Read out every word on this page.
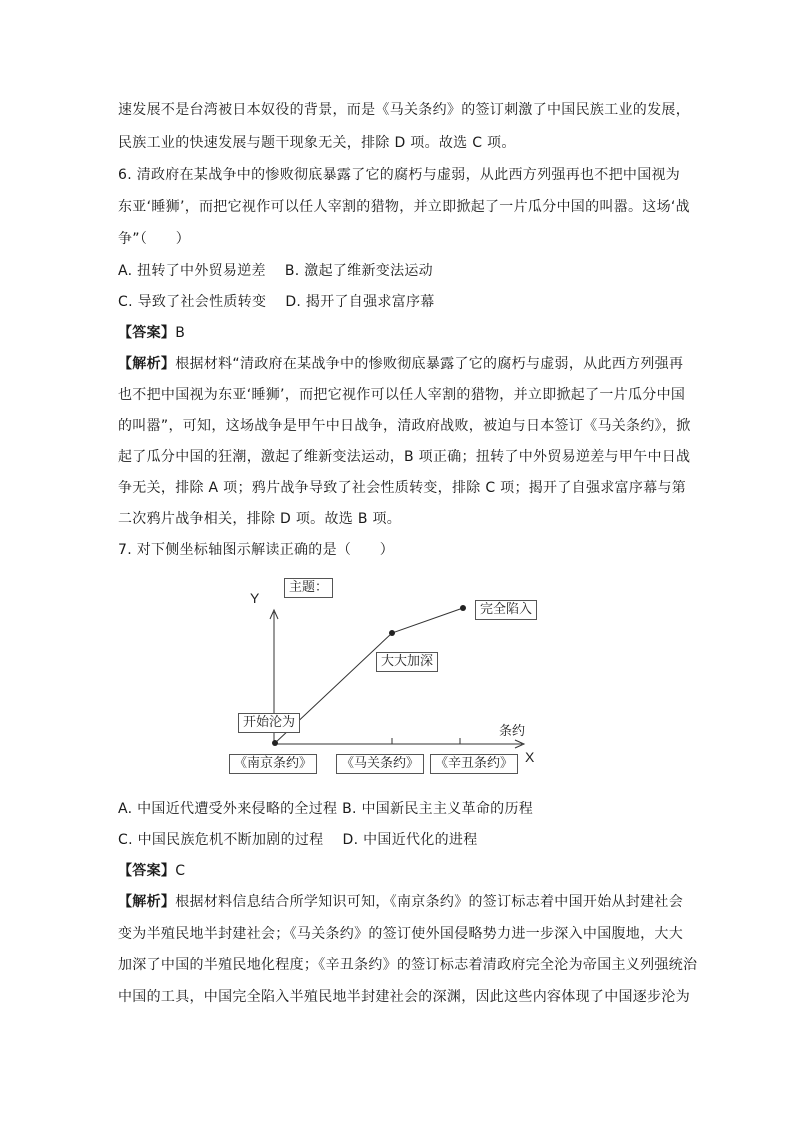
速发展不是台湾被日本奴役的背景，而是《马关条约》的签订刺激了中国民族工业的发展，
民族工业的快速发展与题干现象无关，排除 D 项。故选 C 项。
6. 清政府在某战争中的惨败彻底暴露了它的腐朽与虚弱，从此西方列强再也不把中国视为
东亚‘睡狮’，而把它视作可以任人宰割的猎物，并立即掀起了一片瓜分中国的叫嚣。这场‘战
争”（　　）
A. 扭转了中外贸易逆差　 B. 激起了维新变法运动
C. 导致了社会性质转变　 D. 揭开了自强求富序幕
【答案】B
【解析】根据材料“清政府在某战争中的惨败彻底暴露了它的腐朽与虚弱，从此西方列强再
也不把中国视为东亚‘睡狮’，而把它视作可以任人宰割的猎物，并立即掀起了一片瓜分中国
的叫嚣”，可知，这场战争是甲午中日战争，清政府战败，被迫与日本签订《马关条约》，掀
起了瓜分中国的狂潮，激起了维新变法运动，B 项正确；扭转了中外贸易逆差与甲午中日战
争无关，排除 A 项；鸦片战争导致了社会性质转变，排除 C 项；揭开了自强求富序幕与第
二次鸦片战争相关，排除 D 项。故选 B 项。
7. 对下侧坐标轴图示解读正确的是（　　）
Y
X
条约
主题：
完全陷入
大大加深
开始沦为
《南京条约》	《马关条约》	《辛丑条约》
A. 中国近代遭受外来侵略的全过程 B. 中国新民主主义革命的历程
C. 中国民族危机不断加剧的过程　 D. 中国近代化的进程
【答案】C
【解析】根据材料信息结合所学知识可知，《南京条约》的签订标志着中国开始从封建社会
变为半殖民地半封建社会；《马关条约》的签订使外国侵略势力进一步深入中国腹地，大大
加深了中国的半殖民地化程度；《辛丑条约》的签订标志着清政府完全沦为帝国主义列强统治
中国的工具，中国完全陷入半殖民地半封建社会的深渊，因此这些内容体现了中国逐步沦为
